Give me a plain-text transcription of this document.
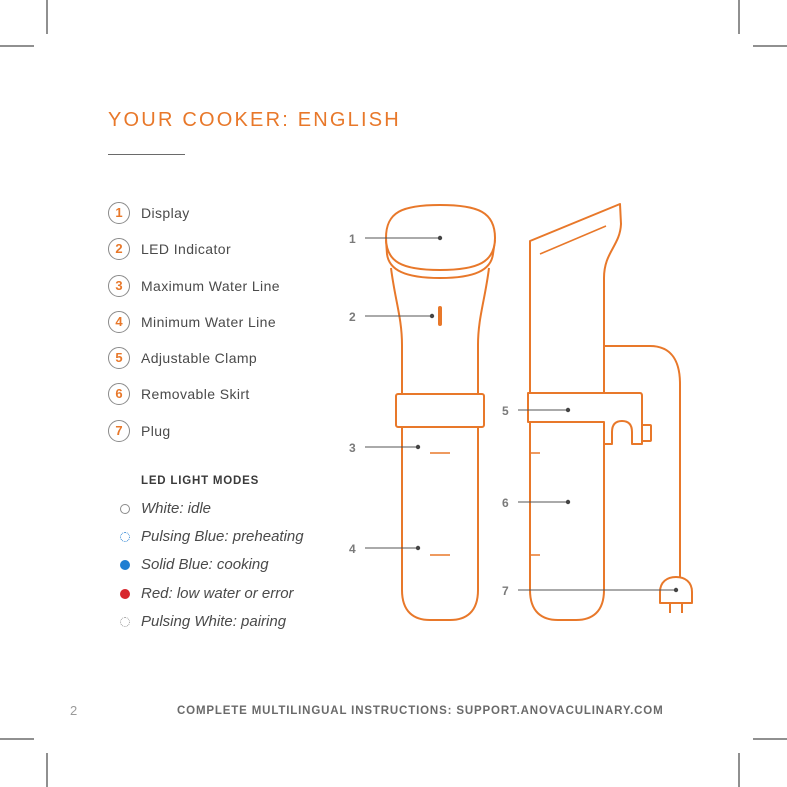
1
2
3
4
5
6
7
YOUR COOKER: ENGLISH
1	Display
2	LED Indicator
3	Maximum Water Line
4	Minimum Water Line
5	Adjustable Clamp
6	Removable Skirt
7	Plug
LED LIGHT MODES
White: idle
Pulsing Blue: preheating
Solid Blue: cooking
Red: low water or error
Pulsing White: pairing
2	COMPLETE MULTILINGUAL INSTRUCTIONS: SUPPORT.ANOVACULINARY.COM
